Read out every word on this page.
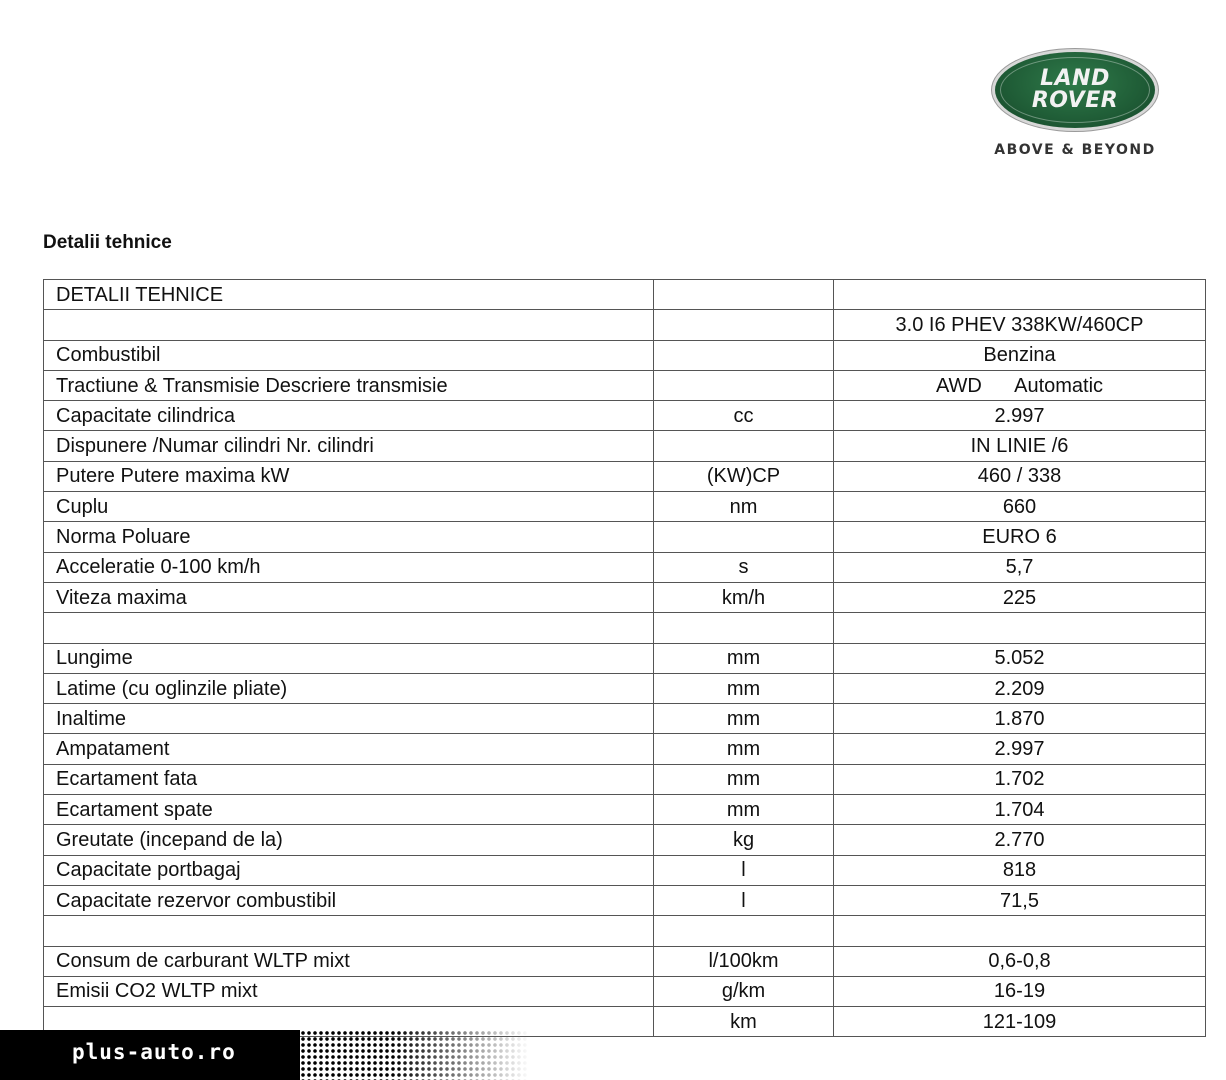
LAND
ROVER
ABOVE & BEYOND
Detalii tehnice
DETALII TEHNICE		
		3.0 I6 PHEV 338KW/460CP
Combustibil		Benzina
Tractiune & Transmisie Descriere transmisie		AWD      Automatic
Capacitate cilindrica	cc	2.997
Dispunere /Numar cilindri Nr. cilindri		IN LINIE /6
Putere Putere maxima kW	(KW)CP	460 / 338
Cuplu	nm	660
Norma Poluare		EURO 6
Acceleratie 0-100 km/h	s	5,7
Viteza maxima	km/h	225

Lungime	mm	5.052
Latime (cu oglinzile pliate)	mm	2.209
Inaltime	mm	1.870
Ampatament	mm	2.997
Ecartament fata	mm	1.702
Ecartament spate	mm	1.704
Greutate (incepand de la)	kg	2.770
Capacitate portbagaj	l	818
Capacitate rezervor combustibil	l	71,5

Consum de carburant WLTP mixt	l/100km	0,6-0,8
Emisii CO2 WLTP mixt	g/km	16-19
	km	121-109
plus-auto.ro
